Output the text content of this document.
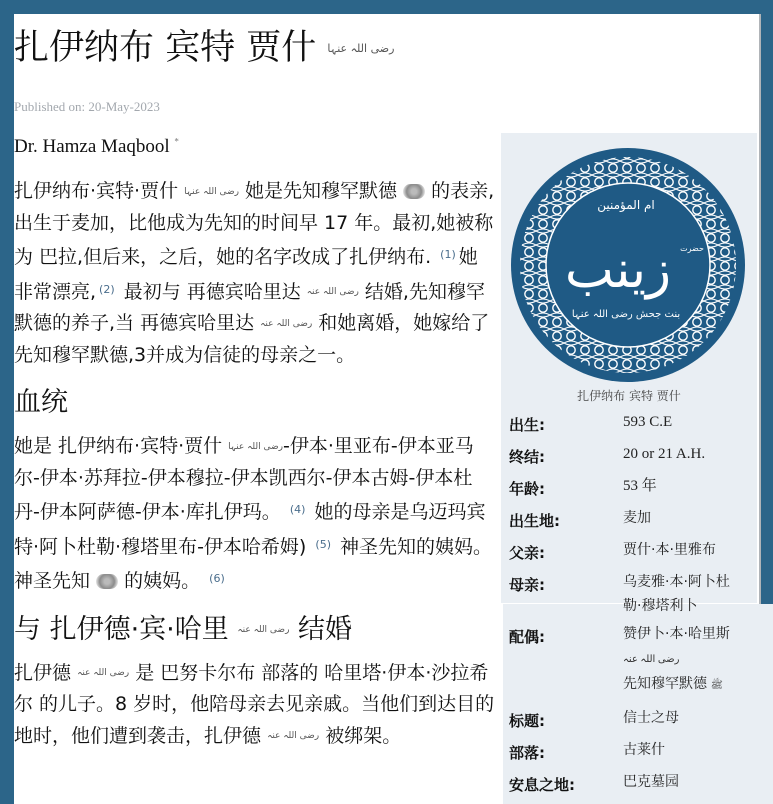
扎伊纳布 宾特 贾什 رضی اللہ عنہا
Published on: 20-May-2023
Dr. Hamza Maqbool *

扎伊纳布·宾特·贾什 رضی اللہ عنہا 她是先知穆罕默德 的表亲,出生于麦加，比他成为先知的时间早 17 年。最初,她被称为 巴拉,但后来，之后，她的名字改成了扎伊纳布. $^{(1)}$ 她非常漂亮, $^{(2)}$ 最初与 再德宾哈里达 رضی اللہ عنہ 结婚,先知穆罕默德的养子,当 再德宾哈里达 رضی اللہ عنہ 和她离婚，她嫁给了先知穆罕默德,3并成为信徒的母亲之一。

血统

她是 扎伊纳布·宾特·贾什 رضی اللہ عنہا-伊本·里亚布-伊本亚马尔-伊本·苏拜拉-伊本穆拉-伊本凯西尔-伊本古姆-伊本杜丹-伊本阿萨德-伊本·库扎伊玛。 $^{(4)}$ 她的母亲是乌迈玛宾特·阿卜杜勒·穆塔里布-伊本哈希姆) $^{(5)}$ 神圣先知的姨妈。神圣先知 的姨妈。 $^{(6)}$

与 扎伊德·宾·哈里 رضی اللہ عنہ 结婚

扎伊德 رضی اللہ عنہ 是 巴努卡尔布 部落的 哈里塔·伊本·沙拉希尔 的儿子。8 岁时，他陪母亲去见亲戚。当他们到达目的地时，他们遭到袭击，扎伊德 رضی اللہ عنہ 被绑架。

ام المؤمنین
زينب حضرت
بنت جحش رضی اللہ عنہا
扎伊纳布 宾特 贾什
出生:	593 C.E
终结:	20 or 21 A.H.
年龄:	53 年
出生地:	麦加
父亲:	贾什·本·里雅布
母亲:	乌麦雅·本·阿卜杜勒·穆塔利卜
配偶:	赞伊卜·本·哈里斯 رضی اللہ عنہ
先知穆罕默德 ﷺ
标题:	信士之母
部落:	古莱什
安息之地:	巴克墓园
